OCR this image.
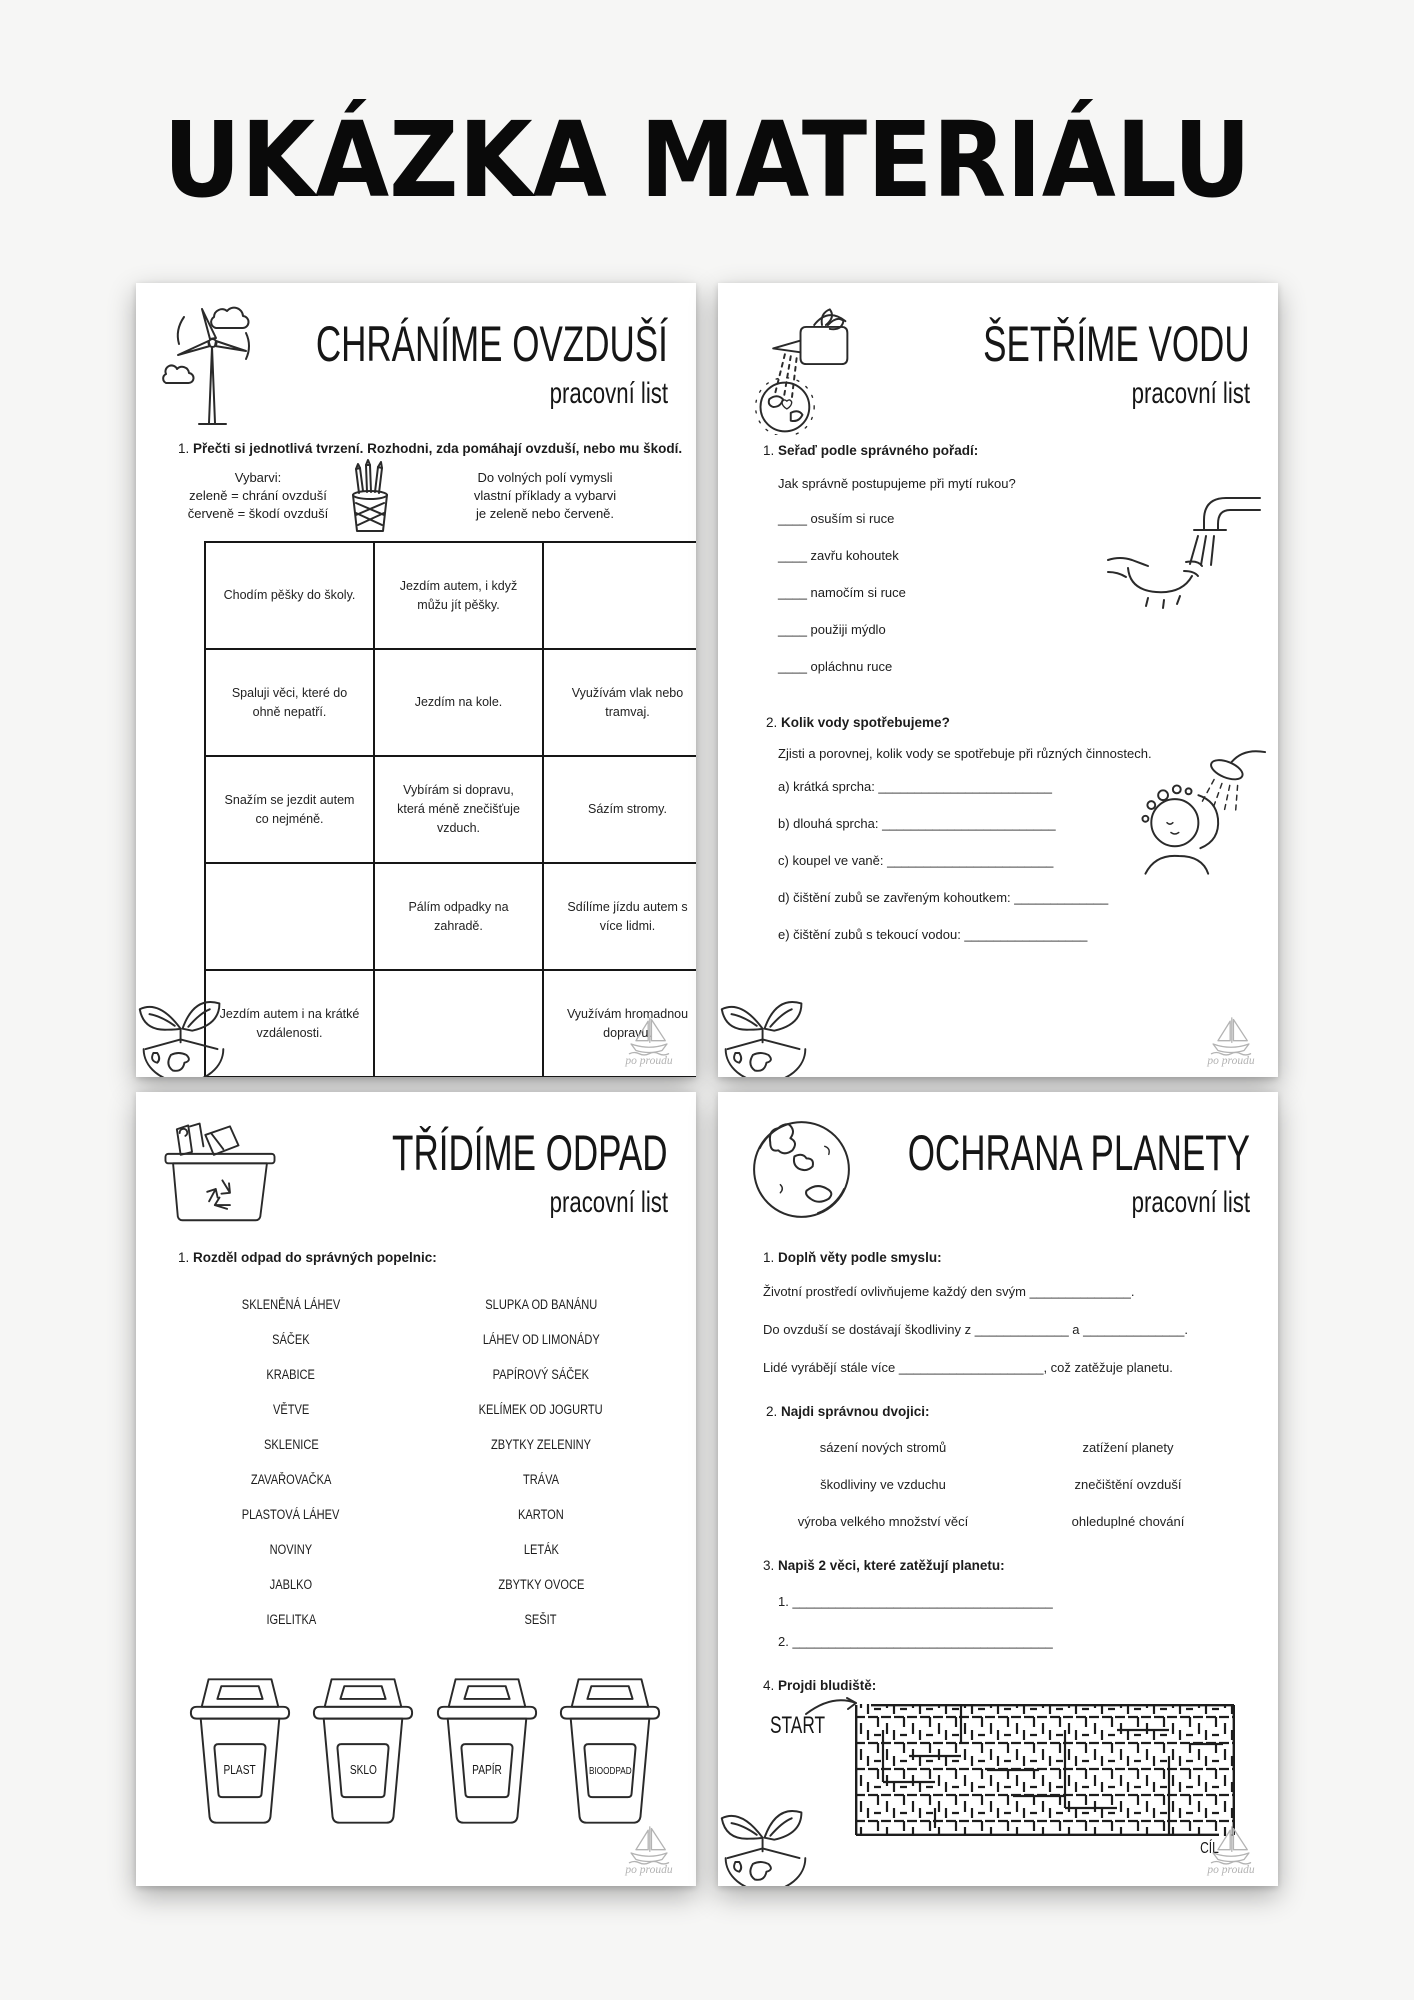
UKÁZKA MATERIÁLU
CHRÁNÍME OVZDUŠÍ
pracovní list
1. Přečti si jednotlivá tvrzení. Rozhodni, zda pomáhají ovzduší, nebo mu škodí.
Vybarvi:
zeleně = chrání ovzduší
červeně = škodí ovzduší
Do volných polí vymysli
vlastní příklady a vybarvi
je zeleně nebo červeně.
Chodím pěšky do školy.	Jezdím autem, i když můžu jít pěšky.	
Spaluji věci, které do ohně nepatří.	Jezdím na kole.	Využívám vlak nebo tramvaj.
Snažím se jezdit autem co nejméně.	Vybírám si dopravu, která méně znečišťuje vzduch.	Sázím stromy.
	Pálím odpadky na zahradě.	Sdílíme jízdu autem s více lidmi.
Jezdím autem i na krátké vzdálenosti.		Využívám hromadnou dopravu.
po proudu
ŠETŘÍME VODU
pracovní list
1. Seřaď podle správného pořadí:
Jak správně postupujeme při mytí rukou?
____ osuším si ruce
____ zavřu kohoutek
____ namočím si ruce
____ použiji mýdlo
____ opláchnu ruce
2. Kolik vody spotřebujeme?
Zjisti a porovnej, kolik vody se spotřebuje při různých činnostech.
a) krátká sprcha: ________________________
b) dlouhá sprcha: ________________________
c) koupel ve vaně: _______________________
d) čištění zubů se zavřeným kohoutkem: _____________
e) čištění zubů s tekoucí vodou: _________________
po proudu
TŘÍDÍME ODPAD
pracovní list
1. Rozděl odpad do správných popelnic:
SKLENĚNÁ LÁHEV
SÁČEK
KRABICE
VĚTVE
SKLENICE
ZAVAŘOVAČKA
PLASTOVÁ LÁHEV
NOVINY
JABLKO
IGELITKA
SLUPKA OD BANÁNU
LÁHEV OD LIMONÁDY
PAPÍROVÝ SÁČEK
KELÍMEK OD JOGURTU
ZBYTKY ZELENINY
TRÁVA
KARTON
LETÁK
ZBYTKY OVOCE
SEŠIT
PLAST	SKLO	PAPÍR	BIOODPAD
po proudu
OCHRANA PLANETY
pracovní list
1. Doplň věty podle smyslu:
Životní prostředí ovlivňujeme každý den svým ______________.
Do ovzduší se dostávají škodliviny z _____________ a ______________.
Lidé vyrábějí stále více ____________________, což zatěžuje planetu.
2. Najdi správnou dvojici:
sázení nových stromů	zatížení planety
škodliviny ve vzduchu	znečištění ovzduší
výroba velkého množství věcí	ohleduplné chování
3. Napiš 2 věci, které zatěžují planetu:
1. ____________________________________
2. ____________________________________
4. Projdi bludiště:
START
CÍL
po proudu
